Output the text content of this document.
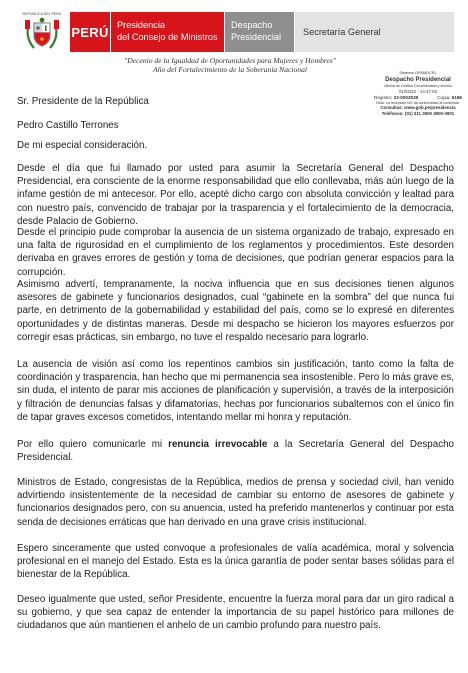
REPÚBLICA DEL PERÚ
PERÚ Presidencia
del Consejo de Ministros
Despacho
Presidencial	Secretaría General
"Decenio de la Igualdad de Oportunidades para Mujeres y Hombres"
Año del Fortalecimiento de la Soberanía Nacional	Sistema OFAMDCEL
Despacho Presidencial
Oficina de Gestión Documentaria y Archivo
01/02/22 - 14:47:02
Registro: 22-0002539	Copia: 6186
Nota: La recepción NO da conformidad al contenido.
Consultas: www.gob.pe/presidencia
Teléfonos: (01) 311 3900 3900-3901
Sr. Presidente de la República
Pedro Castillo Terrones
De mi especial consideración.
Desde el día que fui llamado por usted para asumir la Secretaría General del Despacho Presidencial, era consciente de la enorme responsabilidad que ello conllevaba, más aún luego de la infame gestión de mi antecesor. Por ello, acepté dicho cargo con absoluta convicción y lealtad para con nuestro país, convencido de trabajar por la trasparencia y el fortalecimiento de la democracia, desde Palacio de Gobierno.
Desde el principio pude comprobar la ausencia de un sistema organizado de trabajo, expresado en una falta de rigurosidad en el cumplimiento de los reglamentos y procedimientos. Este desorden derivaba en graves errores de gestión y toma de decisiones, que podrían generar espacios para la corrupción.
Asimismo advertí, tempranamente, la nociva influencia que en sus decisiones tienen algunos asesores de gabinete y funcionarios designados, cual “gabinete en la sombra” del que nunca fui parte, en detrimento de la gobernabilidad y estabilidad del país, como se lo expresé en diferentes oportunidades y de distintas maneras. Desde mi despacho se hicieron los mayores esfuerzos por corregir esas prácticas, sin embargo, no tuve el respaldo necesario para lograrlo.
La ausencia de visión así como los repentinos cambios sin justificación, tanto como la falta de coordinación y trasparencia, han hecho que mi permanencia sea insostenible. Pero lo más grave es, sin duda, el intento de parar mis acciones de planificación y supervisión, a través de la interposición y filtración de denuncias falsas y difamatorias, hechas por funcionarios subalternos con el único fin de tapar graves excesos cometidos, intentando mellar mi honra y reputación.
Por ello quiero comunicarle mi renuncia irrevocable a la Secretaría General del Despacho Presidencial.
Ministros de Estado, congresistas de la República, medios de prensa y sociedad civil, han venido advirtiendo insistentemente de la necesidad de cambiar su entorno de asesores de gabinete y funcionarios designados pero, con su anuencia, usted ha preferido mantenerlos y continuar por esta senda de decisiones erráticas que han derivado en una grave crisis institucional.
Espero sinceramente que usted convoque a profesionales de valía académica, moral y solvencia profesional en el manejo del Estado. Esta es la única garantía de poder sentar bases sólidas para el bienestar de la República.
Deseo igualmente que usted, señor Presidente, encuentre la fuerza moral para dar un giro radical a su gobierno, y que sea capaz de entender la importancia de su papel histórico para millones de ciudadanos que aún mantienen el anhelo de un cambio profundo para nuestro país.
